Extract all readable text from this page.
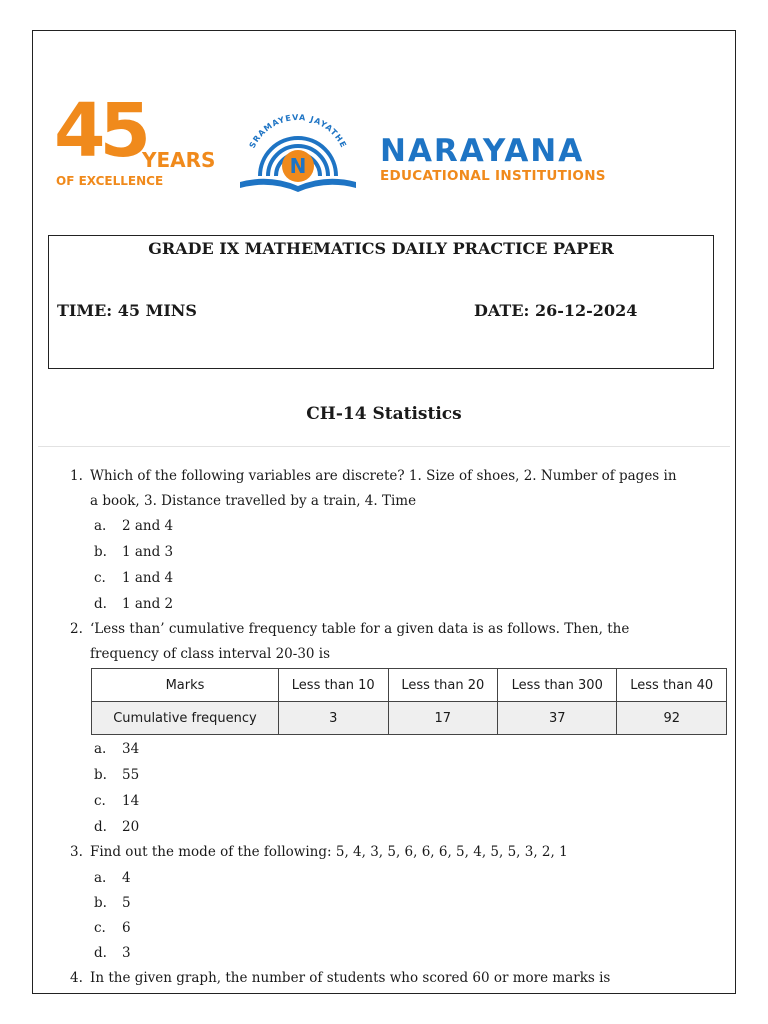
45
YEARS
OF EXCELLENCE
SRAMAYEVA JAYATHE
N NARAYANA
EDUCATIONAL INSTITUTIONS
GRADE IX MATHEMATICS DAILY PRACTICE PAPER
TIME: 45 MINS	DATE: 26-12-2024
CH-14 Statistics
1. Which of the following variables are discrete? 1. Size of shoes, 2. Number of pages in
a book, 3. Distance travelled by a train, 4. Time
a. 2 and 4
b. 1 and 3
c. 1 and 4
d. 1 and 2
2. ‘Less than’ cumulative frequency table for a given data is as follows. Then, the
frequency of class interval 20-30 is
Marks	Less than 10	Less than 20	Less than 300	Less than 40
Cumulative frequency	3	17	37	92
a. 34
b. 55
c. 14
d. 20
3. Find out the mode of the following: 5, 4, 3, 5, 6, 6, 6, 5, 4, 5, 5, 3, 2, 1
a. 4
b. 5
c. 6
d. 3
4. In the given graph, the number of students who scored 60 or more marks is
